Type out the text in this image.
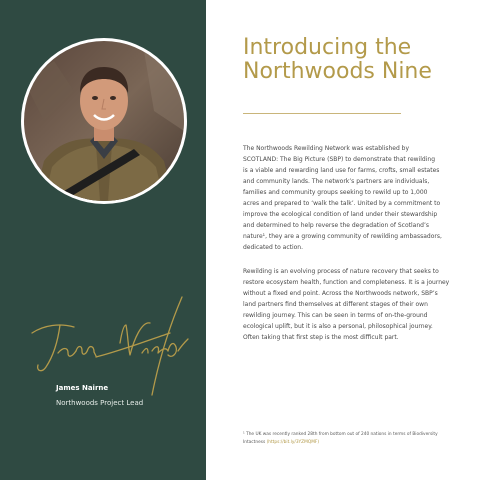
James Nairne
Northwoods Project Lead
Introducing the
Northwoods Nine

The Northwoods Rewilding Network was established by

SCOTLAND: The Big Picture (SBP) to demonstrate that rewilding

is a viable and rewarding land use for farms, crofts, small estates

and community lands. The network’s partners are individuals,

families and community groups seeking to rewild up to 1,000

acres and prepared to ‘walk the talk’. United by a commitment to

improve the ecological condition of land under their stewardship

and determined to help reverse the degradation of Scotland’s

nature¹, they are a growing community of rewilding ambassadors,

dedicated to action.

Rewilding is an evolving process of nature recovery that seeks to

restore ecosystem health, function and completeness. It is a journey

without a fixed end point. Across the Northwoods network, SBP’s

land partners find themselves at different stages of their own

rewilding journey. This can be seen in terms of on-the-ground

ecological uplift, but it is also a personal, philosophical journey.

Often taking that first step is the most difficult part.

¹ The UK was recently ranked 28th from bottom out of 240 nations in terms of Biodiversity
Intactness (https://bit.ly/3YZMQMF)
